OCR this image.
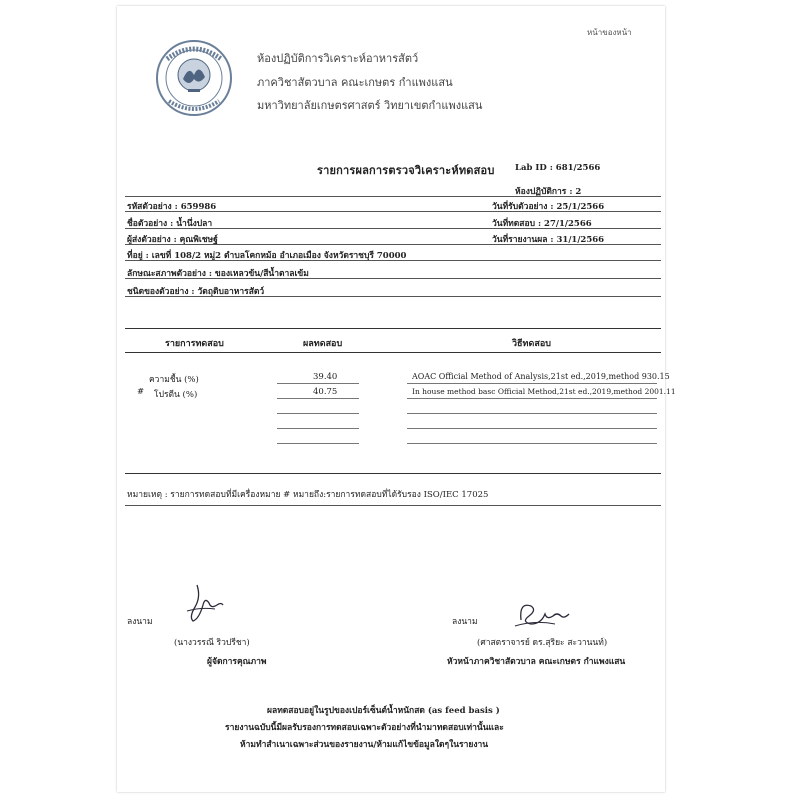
หน้าของหน้า
ห้องปฏิบัติการวิเคราะห์อาหารสัตว์
ภาควิชาสัตวบาล คณะเกษตร กำแพงแสน
มหาวิทยาลัยเกษตรศาสตร์ วิทยาเขตกำแพงแสน
รายการผลการตรวจวิเคราะห์ทดสอบ Lab ID : 681/2566
ห้องปฏิบัติการ : 2
รหัสตัวอย่าง : 659986	วันที่รับตัวอย่าง : 25/1/2566
ชื่อตัวอย่าง : น้ำนึ่งปลา	วันที่ทดสอบ : 27/1/2566
ผู้ส่งตัวอย่าง : คุณพิเชษฐ์	วันที่รายงานผล : 31/1/2566
ที่อยู่ : เลขที่ 108/2 หมู่2 ตำบลโคกหม้อ อำเภอเมือง จังหวัดราชบุรี 70000
ลักษณะสภาพตัวอย่าง : ของเหลวข้น/สีน้ำตาลเข้ม
ชนิดของตัวอย่าง : วัตถุดิบอาหารสัตว์
รายการทดสอบ	ผลทดสอบ	วิธีทดสอบ
ความชื้น (%)	39.40	AOAC Official Method of Analysis,21st ed.,2019,method 930.15
# โปรตีน (%)	40.75	In house method basc Official Method,21st ed.,2019,method 2001.11
หมายเหตุ : รายการทดสอบที่มีเครื่องหมาย # หมายถึง:รายการทดสอบที่ได้รับรอง ISO/IEC 17025
ลงนาม
(นางวรรณี ริวปรีชา)
ผู้จัดการคุณภาพ
ลงนาม
(ศาสตราจารย์ ดร.สุริยะ สะวานนท์)
หัวหน้าภาควิชาสัตวบาล คณะเกษตร กำแพงแสน
ผลทดสอบอยู่ในรูปของเปอร์เซ็นต์น้ำหนักสด (as feed basis )
รายงานฉบับนี้มีผลรับรองการทดสอบเฉพาะตัวอย่างที่นำมาทดสอบเท่านั้นและ
ห้ามทำสำเนาเฉพาะส่วนของรายงาน/ห้ามแก้ไขข้อมูลใดๆในรายงาน
